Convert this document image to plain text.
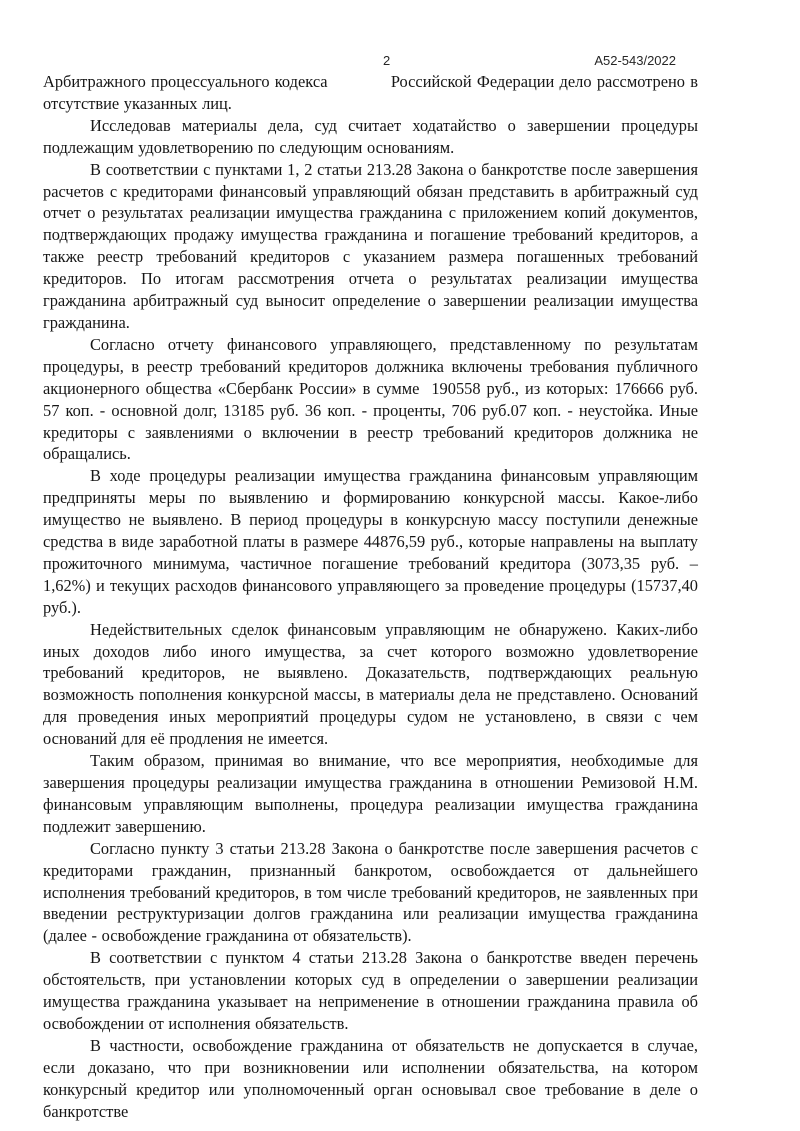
2	А52-543/2022

Арбитражного процессуального кодекса            Российской Федерации дело рассмотрено в отсутствие указанных лиц.

Исследовав материалы дела, суд считает ходатайство о завершении процедуры подлежащим удовлетворению по следующим основаниям.

В соответствии с пунктами 1, 2 статьи 213.28 Закона о банкротстве после завершения расчетов с кредиторами финансовый управляющий обязан представить в арбитражный суд отчет о результатах реализации имущества гражданина с приложением копий документов, подтверждающих продажу имущества гражданина и погашение требований кредиторов, а также реестр требований кредиторов с указанием размера погашенных требований кредиторов. По итогам рассмотрения отчета о результатах реализации имущества гражданина арбитражный суд выносит определение о завершении реализации имущества гражданина.

Согласно отчету финансового управляющего, представленному по результатам процедуры, в реестр требований кредиторов должника включены требования публичного акционерного общества «Сбербанк России» в сумме  190558 руб., из которых: 176666 руб. 57 коп. - основной долг, 13185 руб. 36 коп. - проценты, 706 руб.07 коп. - неустойка. Иные кредиторы с заявлениями о включении в реестр требований кредиторов должника не обращались.

В ходе процедуры реализации имущества гражданина финансовым управляющим предприняты меры по выявлению и формированию конкурсной массы. Какое-либо имущество не выявлено. В период процедуры в конкурсную массу поступили денежные средства в виде заработной платы в размере 44876,59 руб., которые направлены на выплату прожиточного минимума, частичное погашение требований кредитора (3073,35 руб. – 1,62%) и текущих расходов финансового управляющего за проведение процедуры (15737,40 руб.).

Недействительных сделок финансовым управляющим не обнаружено. Каких-либо иных доходов либо иного имущества, за счет которого возможно удовлетворение требований кредиторов, не выявлено. Доказательств, подтверждающих реальную возможность пополнения конкурсной массы, в материалы дела не представлено. Оснований для проведения иных мероприятий процедуры судом не установлено, в связи с чем оснований для её продления не имеется.

Таким образом, принимая во внимание, что все мероприятия, необходимые для завершения процедуры реализации имущества гражданина в отношении Ремизовой Н.М. финансовым управляющим выполнены, процедура реализации имущества гражданина подлежит завершению.

Согласно пункту 3 статьи 213.28 Закона о банкротстве после завершения расчетов с кредиторами гражданин, признанный банкротом, освобождается от дальнейшего исполнения требований кредиторов, в том числе требований кредиторов, не заявленных при введении реструктуризации долгов гражданина или реализации имущества гражданина (далее - освобождение гражданина от обязательств).

В соответствии с пунктом 4 статьи 213.28 Закона о банкротстве введен перечень обстоятельств, при установлении которых суд в определении о завершении реализации имущества гражданина указывает на неприменение в отношении гражданина правила об освобождении от исполнения обязательств.

В частности, освобождение гражданина от обязательств не допускается в случае, если доказано, что при возникновении или исполнении обязательства, на котором конкурсный кредитор или уполномоченный орган основывал свое требование в деле о банкротстве
